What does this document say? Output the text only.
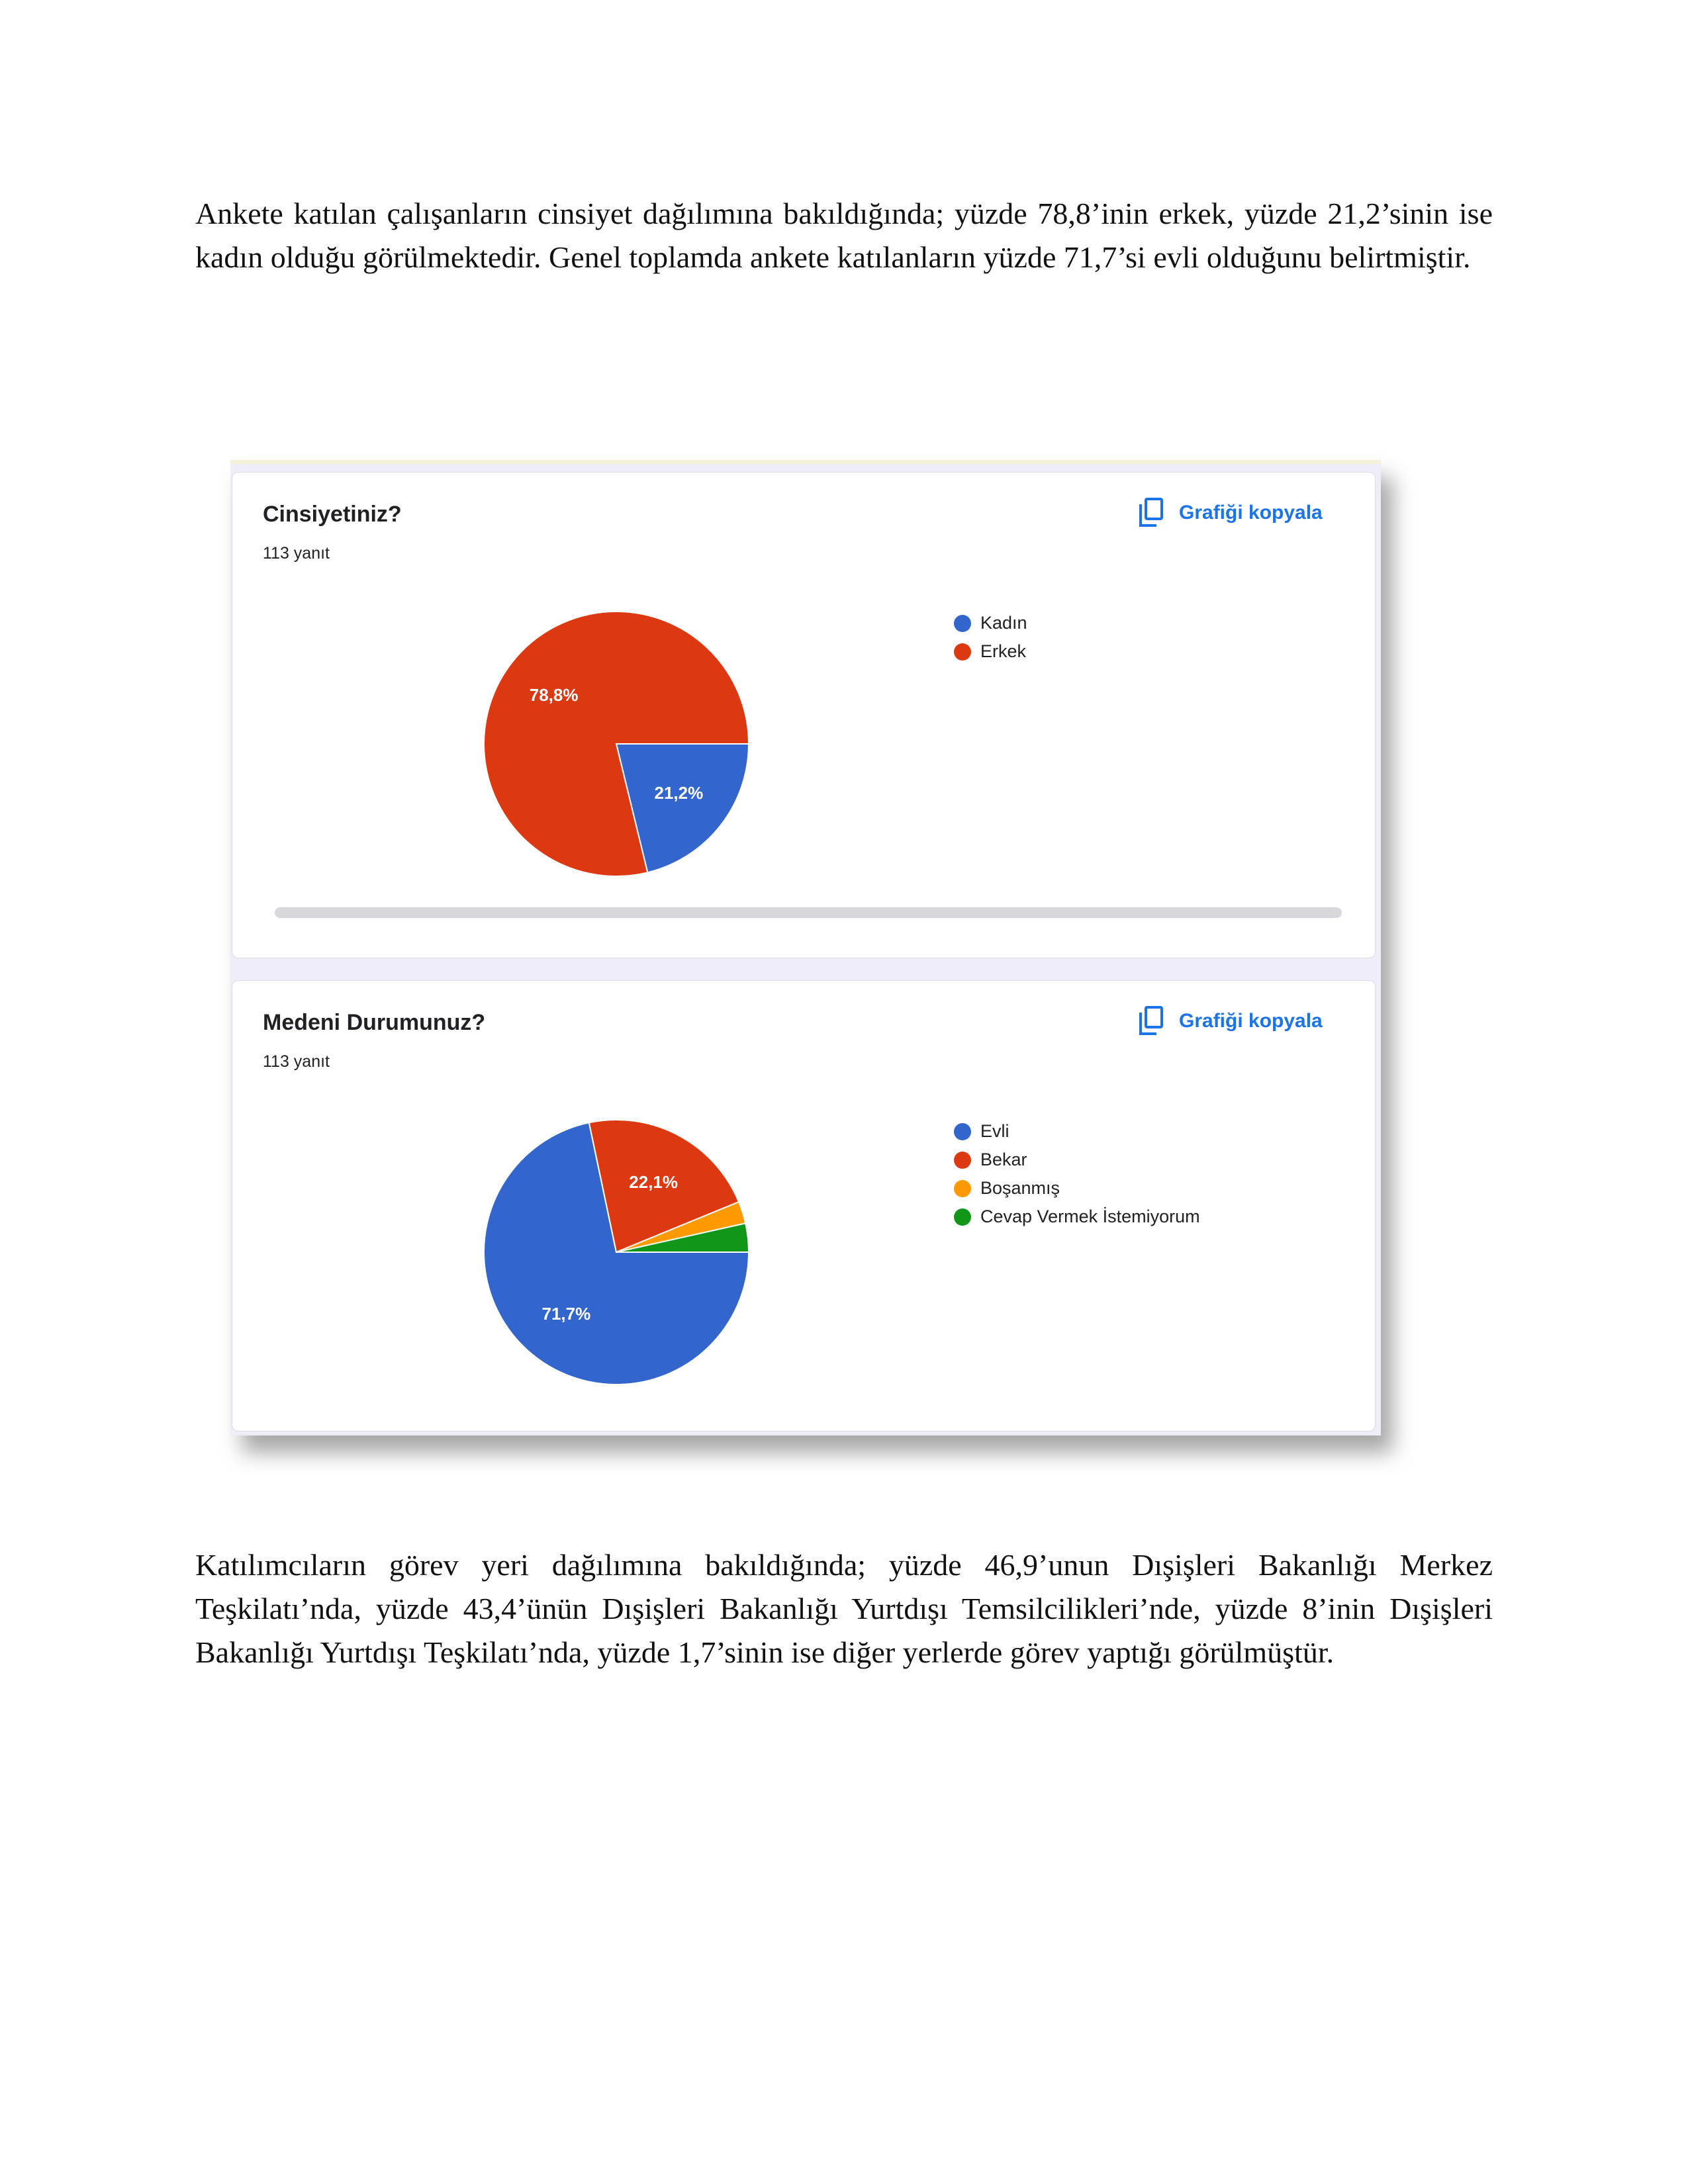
Ankete katılan çalışanların cinsiyet dağılımına bakıldığında; yüzde 78,8’inin erkek, yüzde 21,2’sinin ise kadın olduğu görülmektedir. Genel toplamda ankete katılanların yüzde 71,7’si evli olduğunu belirtmiştir.

Cinsiyetiniz?
113 yanıt
Grafiği kopyala
21,2%
78,8%
Kadın
Erkek
Medeni Durumunuz?
113 yanıt
Grafiği kopyala
71,7%
22,1%
Evli
Bekar
Boşanmış
Cevap Vermek İstemiyorum

Katılımcıların görev yeri dağılımına bakıldığında; yüzde 46,9’unun Dışişleri Bakanlığı Merkez Teşkilatı’nda, yüzde 43,4’ünün Dışişleri Bakanlığı Yurtdışı Temsilcilikleri’nde, yüzde 8’inin Dışişleri Bakanlığı Yurtdışı Teşkilatı’nda, yüzde 1,7’sinin ise diğer yerlerde görev yaptığı görülmüştür.
